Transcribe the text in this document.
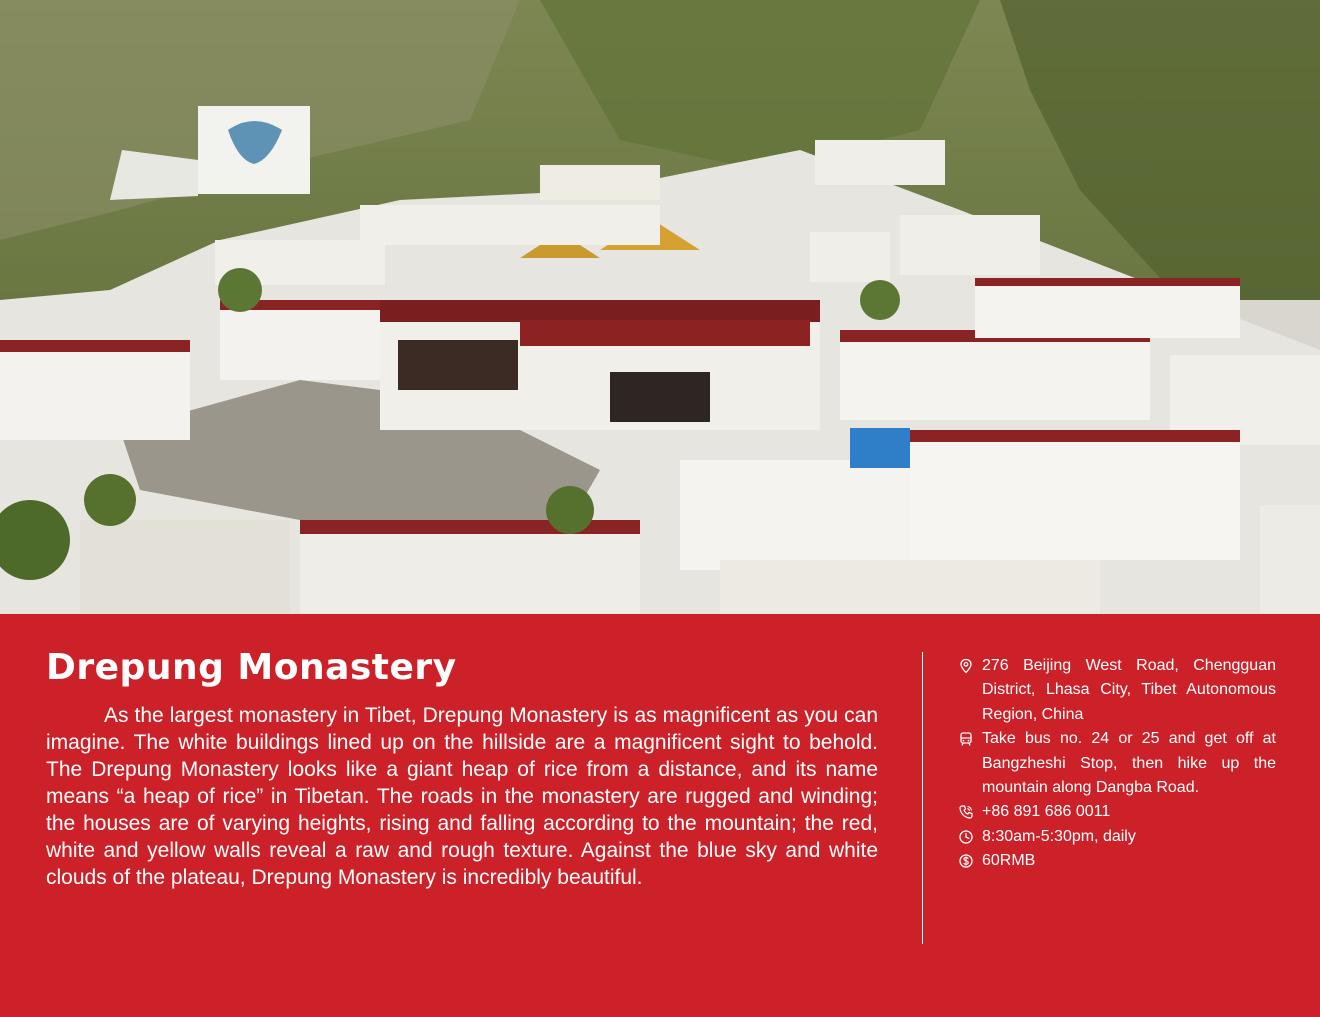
Drepung Monastery

As the largest monastery in Tibet, Drepung Monastery is as magnificent as you can imagine. The white buildings lined up on the hillside are a magnificent sight to behold. The Drepung Monastery looks like a giant heap of rice from a distance, and its name means “a heap of rice” in Tibetan. The roads in the monastery are rugged and winding; the houses are of varying heights, rising and falling according to the mountain; the red, white and yellow walls reveal a raw and rough texture. Against the blue sky and white clouds of the plateau, Drepung Monastery is incredibly beautiful.

276 Beijing West Road, Chengguan District, Lhasa City, Tibet Autonomous Region, China
Take bus no. 24 or 25 and get off at Bangzheshi Stop, then hike up the mountain along Dangba Road.
+86 891 686 0011
8:30am-5:30pm, daily
60RMB
